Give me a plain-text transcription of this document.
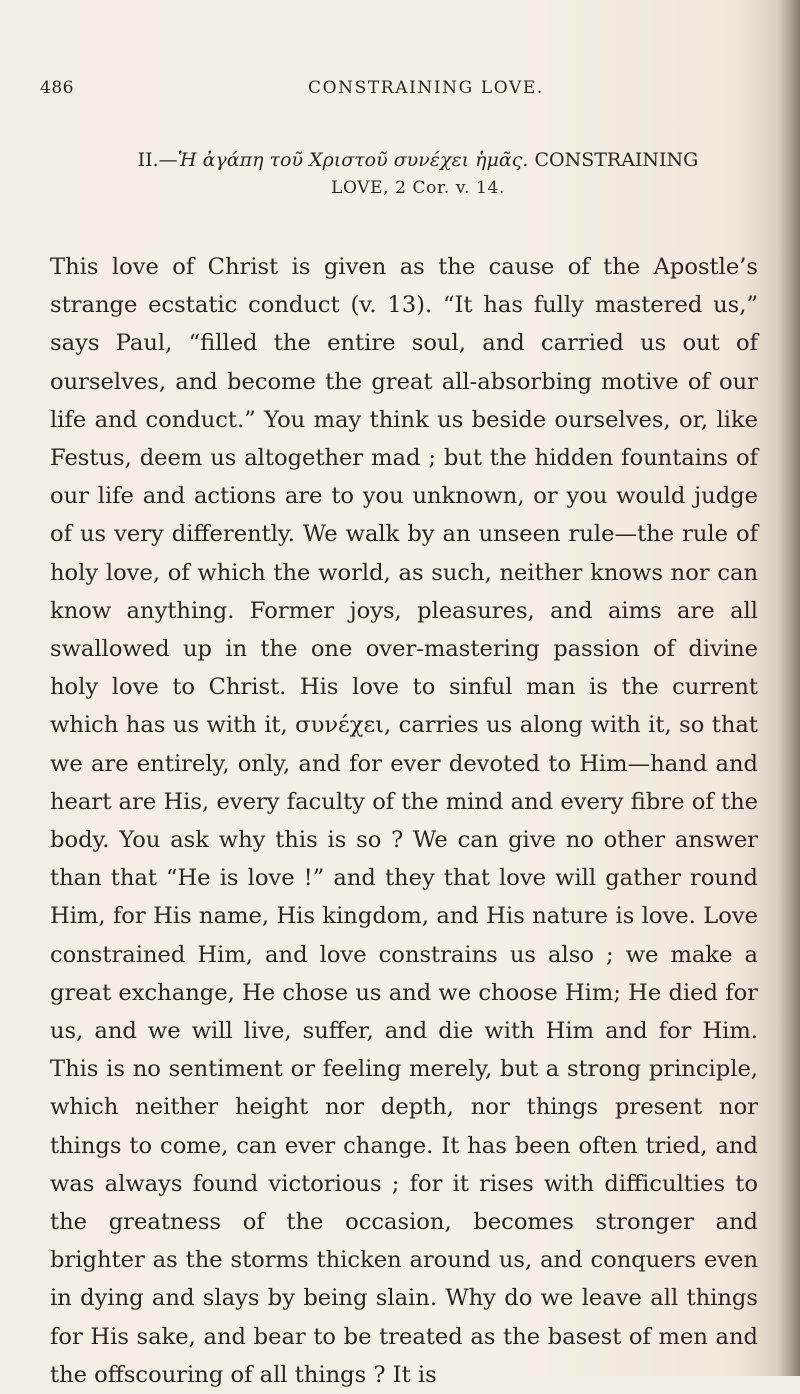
486	CONSTRAINING LOVE.
II.—Ἡ ἀγάπη τοῦ Χριστοῦ συνέχει ἡμᾶς. CONSTRAINING
LOVE, 2 Cor. v. 14.

This love of Christ is given as the cause of the Apostle’s strange ecstatic conduct (v. 13). “It has fully mastered us,” says Paul, “filled the entire soul, and carried us out of ourselves, and become the great all-absorbing motive of our life and conduct.” You may think us beside ourselves, or, like Festus, deem us altogether mad ; but the hidden fountains of our life and actions are to you unknown, or you would judge of us very differently. We walk by an unseen rule—the rule of holy love, of which the world, as such, neither knows nor can know anything. Former joys, pleasures, and aims are all swallowed up in the one over-mastering passion of divine holy love to Christ. His love to sinful man is the current which has us with it, συνέχει, carries us along with it, so that we are entirely, only, and for ever devoted to Him—hand and heart are His, every faculty of the mind and every fibre of the body. You ask why this is so ? We can give no other answer than that “He is love !” and they that love will gather round Him, for His name, His kingdom, and His nature is love. Love constrained Him, and love constrains us also ; we make a great exchange, He chose us and we choose Him; He died for us, and we will live, suffer, and die with Him and for Him. This is no sentiment or feeling merely, but a strong principle, which neither height nor depth, nor things present nor things to come, can ever change. It has been often tried, and was always found victorious ; for it rises with difficulties to the greatness of the occasion, becomes stronger and brighter as the storms thicken around us, and conquers even in dying and slays by being slain. Why do we leave all things for His sake, and bear to be treated as the basest of men and the offscouring of all things ? It is
